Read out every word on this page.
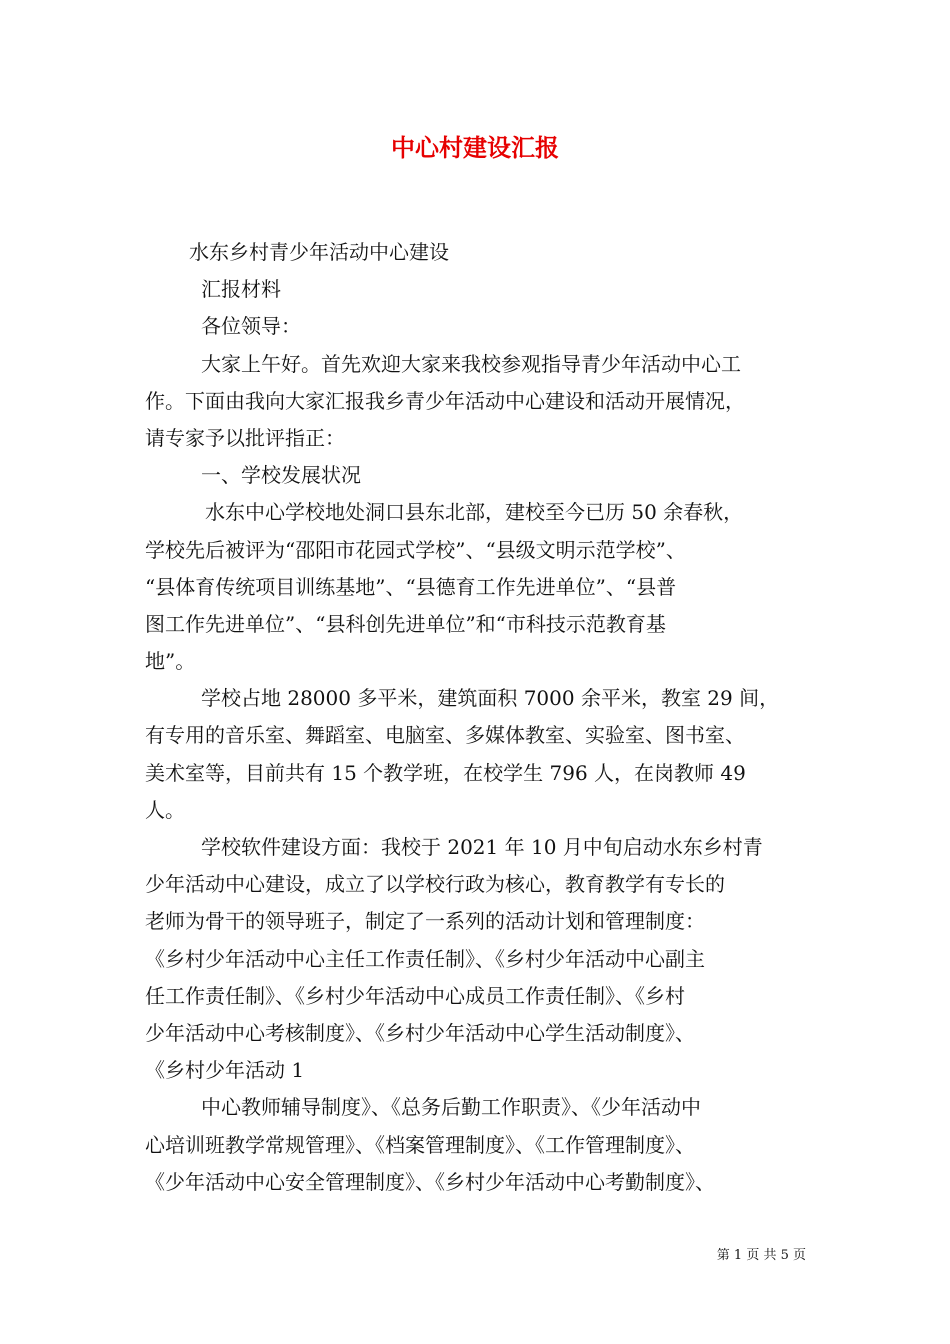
中心村建设汇报
水东乡村青少年活动中心建设
汇报材料
各位领导：
大家上午好。首先欢迎大家来我校参观指导青少年活动中心工
作。下面由我向大家汇报我乡青少年活动中心建设和活动开展情况，
请专家予以批评指正：
一、学校发展状况
水东中心学校地处洞口县东北部，建校至今已历 50 余春秋，
学校先后被评为“邵阳市花园式学校”、“县级文明示范学校”、
“县体育传统项目训练基地”、“县德育工作先进单位”、“县普
图工作先进单位”、“县科创先进单位”和“市科技示范教育基
地”。
学校占地 28000 多平米，建筑面积 7000 余平米，教室 29 间，
有专用的音乐室、舞蹈室、电脑室、多媒体教室、实验室、图书室、
美术室等，目前共有 15 个教学班，在校学生 796 人，在岗教师 49
人。
学校软件建设方面：我校于 2021 年 10 月中旬启动水东乡村青
少年活动中心建设，成立了以学校行政为核心，教育教学有专长的
老师为骨干的领导班子，制定了一系列的活动计划和管理制度：
《乡村少年活动中心主任工作责任制》、《乡村少年活动中心副主
任工作责任制》、《乡村少年活动中心成员工作责任制》、《乡村
少年活动中心考核制度》、《乡村少年活动中心学生活动制度》、
《乡村少年活动 1
中心教师辅导制度》、《总务后勤工作职责》、《少年活动中
心培训班教学常规管理》、《档案管理制度》、《工作管理制度》、
《少年活动中心安全管理制度》、《乡村少年活动中心考勤制度》、
第 1 页 共 5 页
